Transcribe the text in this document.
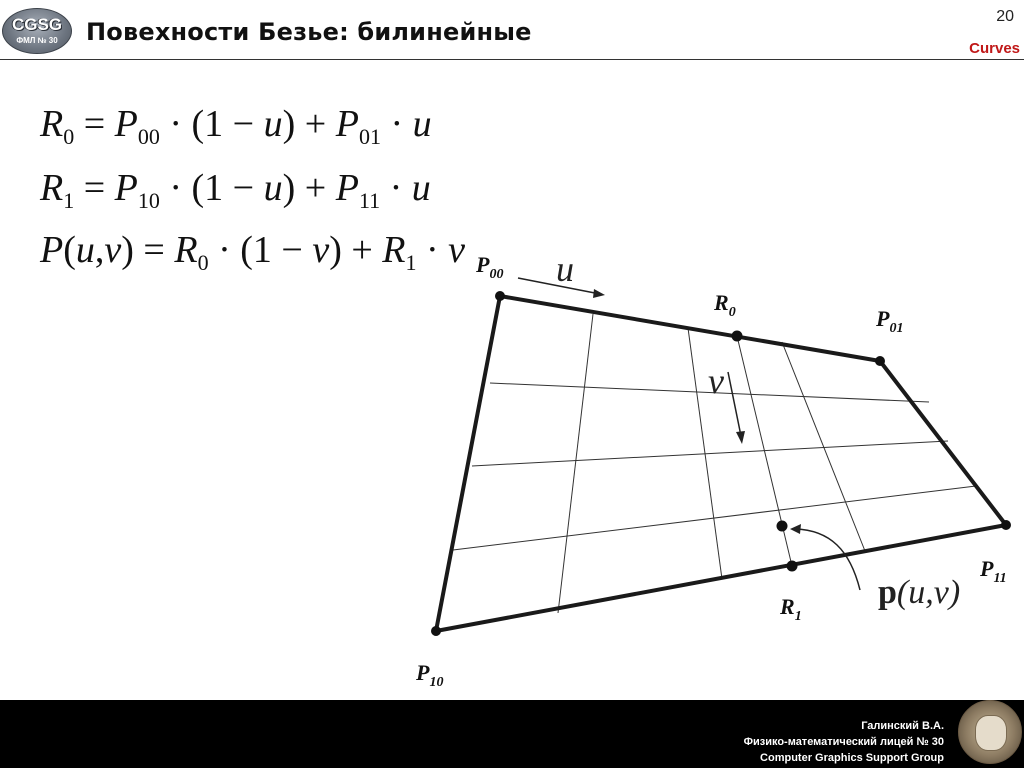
CGSG
ФМЛ № 30	Повехности Безье: билинейные
20
Curves
$R_0 = P_{00} \cdot (1 - u) + P_{01} \cdot u$
$R_1 = P_{10} \cdot (1 - u) + P_{11} \cdot u$
$P(u,v) = R_0 \cdot (1 - v) + R_1 \cdot v$ $P_{00}$
$P_{01}$
$P_{10}$
$P_{11}$
$R_0$
$R_1$
u
v
p(u,v)
Галинский В.А.
Физико-математический лицей № 30
Computer Graphics Support Group
